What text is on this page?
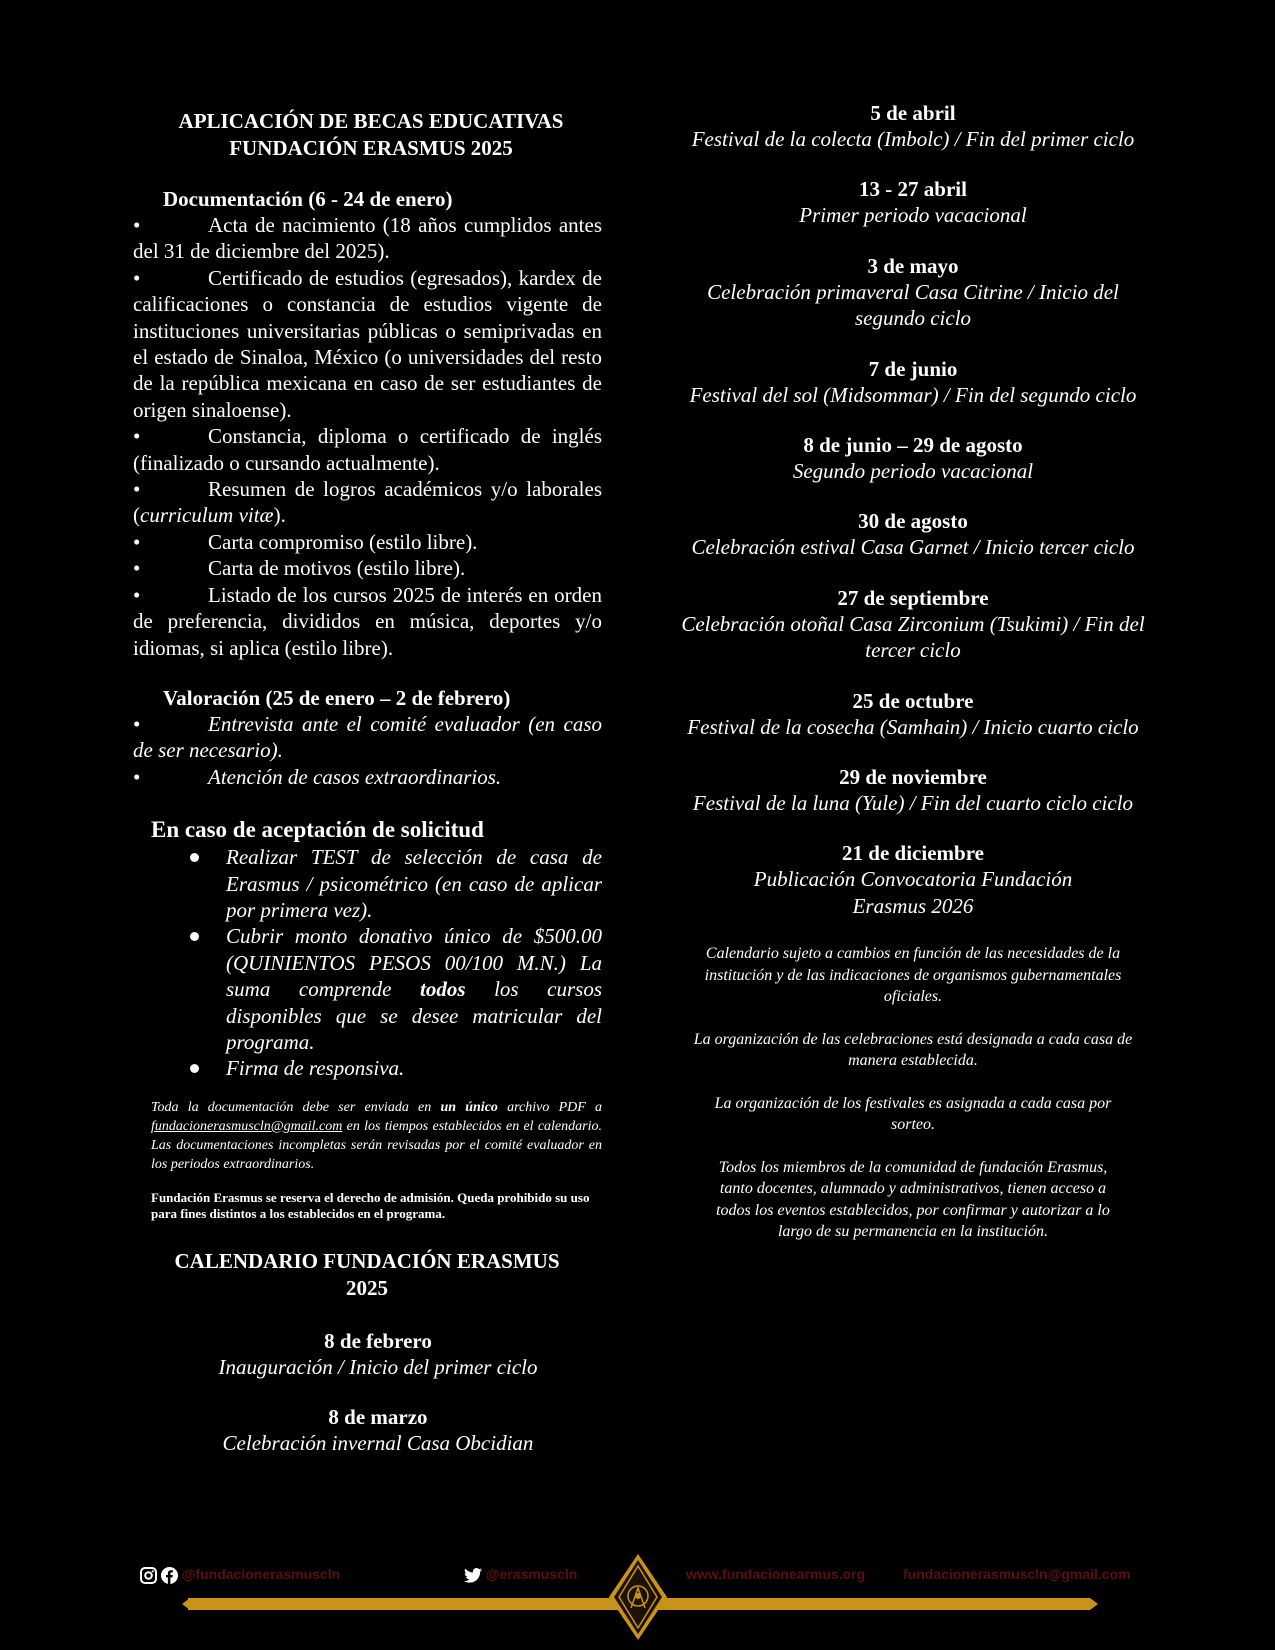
APLICACIÓN DE BECAS EDUCATIVAS
FUNDACIÓN ERASMUS 2025
Documentación (6 - 24 de enero)
•	Acta de nacimiento (18 años cumplidos antes del 31 de diciembre del 2025).
•	Certificado de estudios (egresados), kardex de calificaciones o constancia de estudios vigente de instituciones universitarias públicas o semiprivadas en el estado de Sinaloa, México (o universidades del resto de la república mexicana en caso de ser estudiantes de origen sinaloense).
•	Constancia, diploma o certificado de inglés (finalizado o cursando actualmente).
•	Resumen de logros académicos y/o laborales (curriculum vitæ).
•	Carta compromiso (estilo libre).
•	Carta de motivos (estilo libre).
•	Listado de los cursos 2025 de interés en orden de preferencia, divididos en música, deportes y/o idiomas, si aplica (estilo libre).
Valoración (25 de enero – 2 de febrero)
•	Entrevista ante el comité evaluador (en caso de ser necesario).
•	Atención de casos extraordinarios.
En caso de aceptación de solicitud
Realizar TEST de selección de casa de Erasmus / psicométrico (en caso de aplicar por primera vez).
Cubrir monto donativo único de $500.00 (QUINIENTOS PESOS 00/100 M.N.) La suma comprende todos los cursos disponibles que se desee matricular del programa.
Firma de responsiva.

Toda la documentación debe ser enviada en un único archivo PDF a fundacionerasmuscln@gmail.com en los tiempos establecidos en el calendario. Las documentaciones incompletas serán revisadas por el comité evaluador en los periodos extraordinarios.

Fundación Erasmus se reserva el derecho de admisión. Queda prohibido su uso para fines distintos a los establecidos en el programa.

CALENDARIO FUNDACIÓN ERASMUS
2025
8 de febrero
Inauguración / Inicio del primer ciclo
8 de marzo
Celebración invernal Casa Obcidian
5 de abril
Festival de la colecta (Imbolc) / Fin del primer ciclo
13 - 27 abril
Primer periodo vacacional
3 de mayo
Celebración primaveral Casa Citrine / Inicio del segundo ciclo
7 de junio
Festival del sol (Midsommar) / Fin del segundo ciclo
8 de junio – 29 de agosto
Segundo periodo vacacional
30 de agosto
Celebración estival Casa Garnet / Inicio tercer ciclo
27 de septiembre
Celebración otoñal Casa Zirconium (Tsukimi) / Fin del tercer ciclo
25 de octubre
Festival de la cosecha (Samhain) / Inicio cuarto ciclo
29 de noviembre
Festival de la luna (Yule) / Fin del cuarto ciclo ciclo
21 de diciembre
Publicación Convocatoria Fundación Erasmus 2026

Calendario sujeto a cambios en función de las necesidades de la institución y de las indicaciones de organismos gubernamentales oficiales.

La organización de las celebraciones está designada a cada casa de manera establecida.

La organización de los festivales es asignada a cada casa por sorteo.

Todos los miembros de la comunidad de fundación Erasmus, tanto docentes, alumnado y administrativos, tienen acceso a todos los eventos establecidos, por confirmar y autorizar a lo largo de su permanencia en la institución.

@fundacionerasmuscln	@erasmuscln	www.fundacionearmus.org	fundacionerasmuscln@gmail.com
